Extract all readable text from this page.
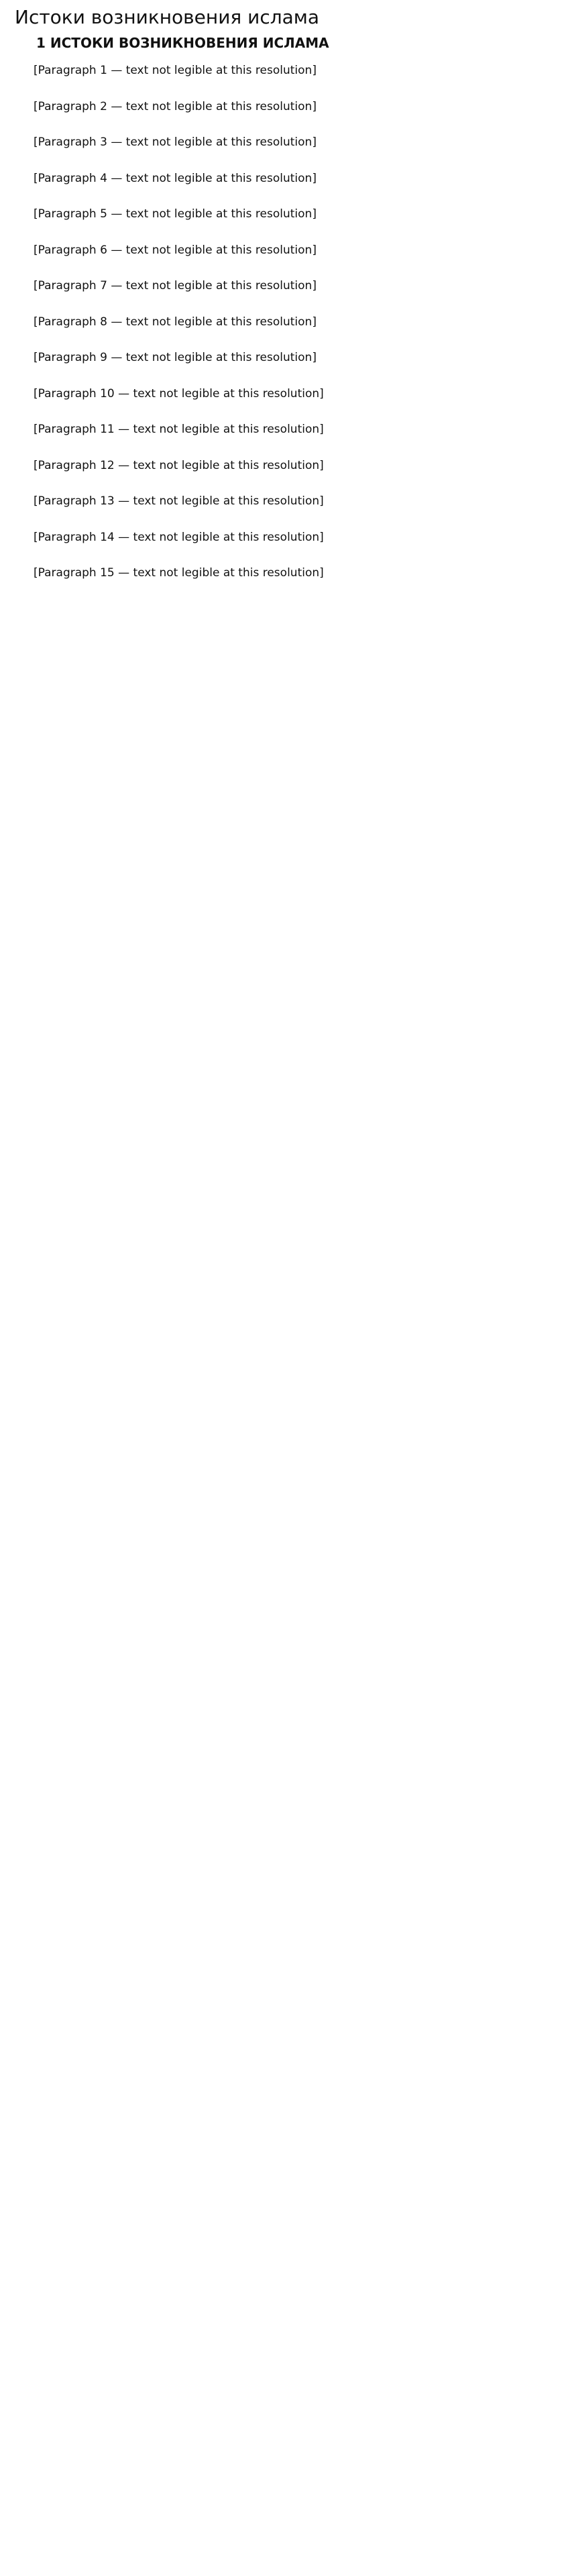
Истоки возникновения ислама
1 ИСТОКИ ВОЗНИКНОВЕНИЯ ИСЛАМА

[Paragraph 1 — text not legible at this resolution]

[Paragraph 2 — text not legible at this resolution]

[Paragraph 3 — text not legible at this resolution]

[Paragraph 4 — text not legible at this resolution]

[Paragraph 5 — text not legible at this resolution]

[Paragraph 6 — text not legible at this resolution]

[Paragraph 7 — text not legible at this resolution]

[Paragraph 8 — text not legible at this resolution]

[Paragraph 9 — text not legible at this resolution]

[Paragraph 10 — text not legible at this resolution]

[Paragraph 11 — text not legible at this resolution]

[Paragraph 12 — text not legible at this resolution]

[Paragraph 13 — text not legible at this resolution]

[Paragraph 14 — text not legible at this resolution]

[Paragraph 15 — text not legible at this resolution]
